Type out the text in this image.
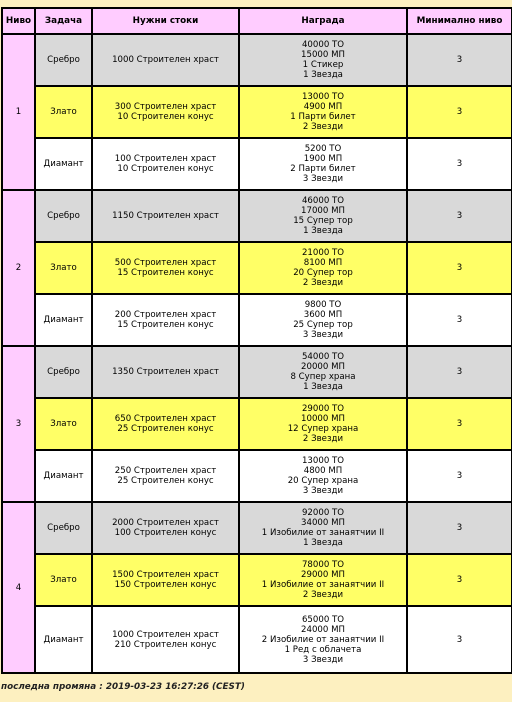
Ниво	Задача	Нужни стоки	Награда	Минимално ниво
1	Сребро	1000 Строителен храст	40000 ТО
15000 МП
1 Стикер
1 Звезда	3
	Злато	300 Строителен храст
10 Строителен конус	13000 ТО
4900 МП
1 Парти билет
2 Звезди	3
	Диамант	100 Строителен храст
10 Строителен конус	5200 ТО
1900 МП
2 Парти билет
3 Звезди	3
2	Сребро	1150 Строителен храст	46000 ТО
17000 МП
15 Супер тор
1 Звезда	3
	Злато	500 Строителен храст
15 Строителен конус	21000 ТО
8100 МП
20 Супер тор
2 Звезди	3
	Диамант	200 Строителен храст
15 Строителен конус	9800 ТО
3600 МП
25 Супер тор
3 Звезди	3
3	Сребро	1350 Строителен храст	54000 ТО
20000 МП
8 Супер храна
1 Звезда	3
	Злато	650 Строителен храст
25 Строителен конус	29000 ТО
10000 МП
12 Супер храна
2 Звезди	3
	Диамант	250 Строителен храст
25 Строителен конус	13000 ТО
4800 МП
20 Супер храна
3 Звезди	3
4	Сребро	2000 Строителен храст
100 Строителен конус	92000 ТО
34000 МП
1 Изобилие от занаятчии II
1 Звезда	3
	Злато	1500 Строителен храст
150 Строителен конус	78000 ТО
29000 МП
1 Изобилие от занаятчии II
2 Звезди	3
	Диамант	1000 Строителен храст
210 Строителен конус	65000 ТО
24000 МП
2 Изобилие от занаятчии II
1 Ред с облачета
3 Звезди	3
последна промяна : 2019-03-23 16:27:26 (CEST)
